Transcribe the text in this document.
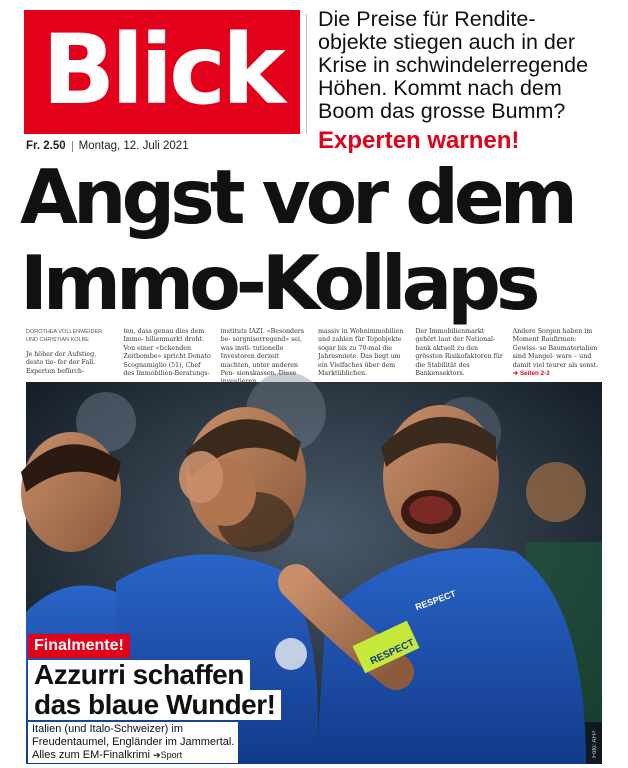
Blick Die Preise für Rendite-
objekte stiegen auch in der
Krise in schwindelerregende
Höhen. Kommt nach dem
Boom das grosse Bumm?
Experten warnen!
Fr. 2.50 Montag, 12. Juli 2021
Angst vor dem
Immo-Kollaps
DOROTHEA VOLLENWEIDER UND CHRISTIAN KOLBE
Je höher der Aufstieg, desto tie- fer der Fall. Experten befürch-
ten, dass genau dies dem Immo- bilienmarkt droht. Von einer «tickenden Zeitbombe» spricht Donato Scognamiglio (51), Chef des Immobilien-Beratungs-
instituts IAZI. «Besonders be- sorgniserregend» sei, was insti- tutionelle Investoren derzeit machten, unter anderen Pen- sionskassen. Diese
massiv in Wohnimmobilien und zahlen für Topobjekte sogar bis zu 70-mal die Jahresmiete. Das liegt um ein Vielfaches über dem Marktüblichen.
Der Immobilienmarkt gehört laut der National- bank aktuell zu den grössten Risikofaktoren für die Stabilität des Bankensektors.
Andere Sorgen haben im Moment Baufirmen: Gewiss- se Baumaterialien sind Mangel- ware – und damit viel teurer als sonst.
➔ Seiten 2-3
RESPECT
RESPECT
Foto: AFP
Finalmente!
Azzurri schaffen
das blaue Wunder!
Italien (und Italo-Schweizer) im
Freudentaumel, Engländer im Jammertal.
Alles zum EM-Finalkrimi ➔Sport
